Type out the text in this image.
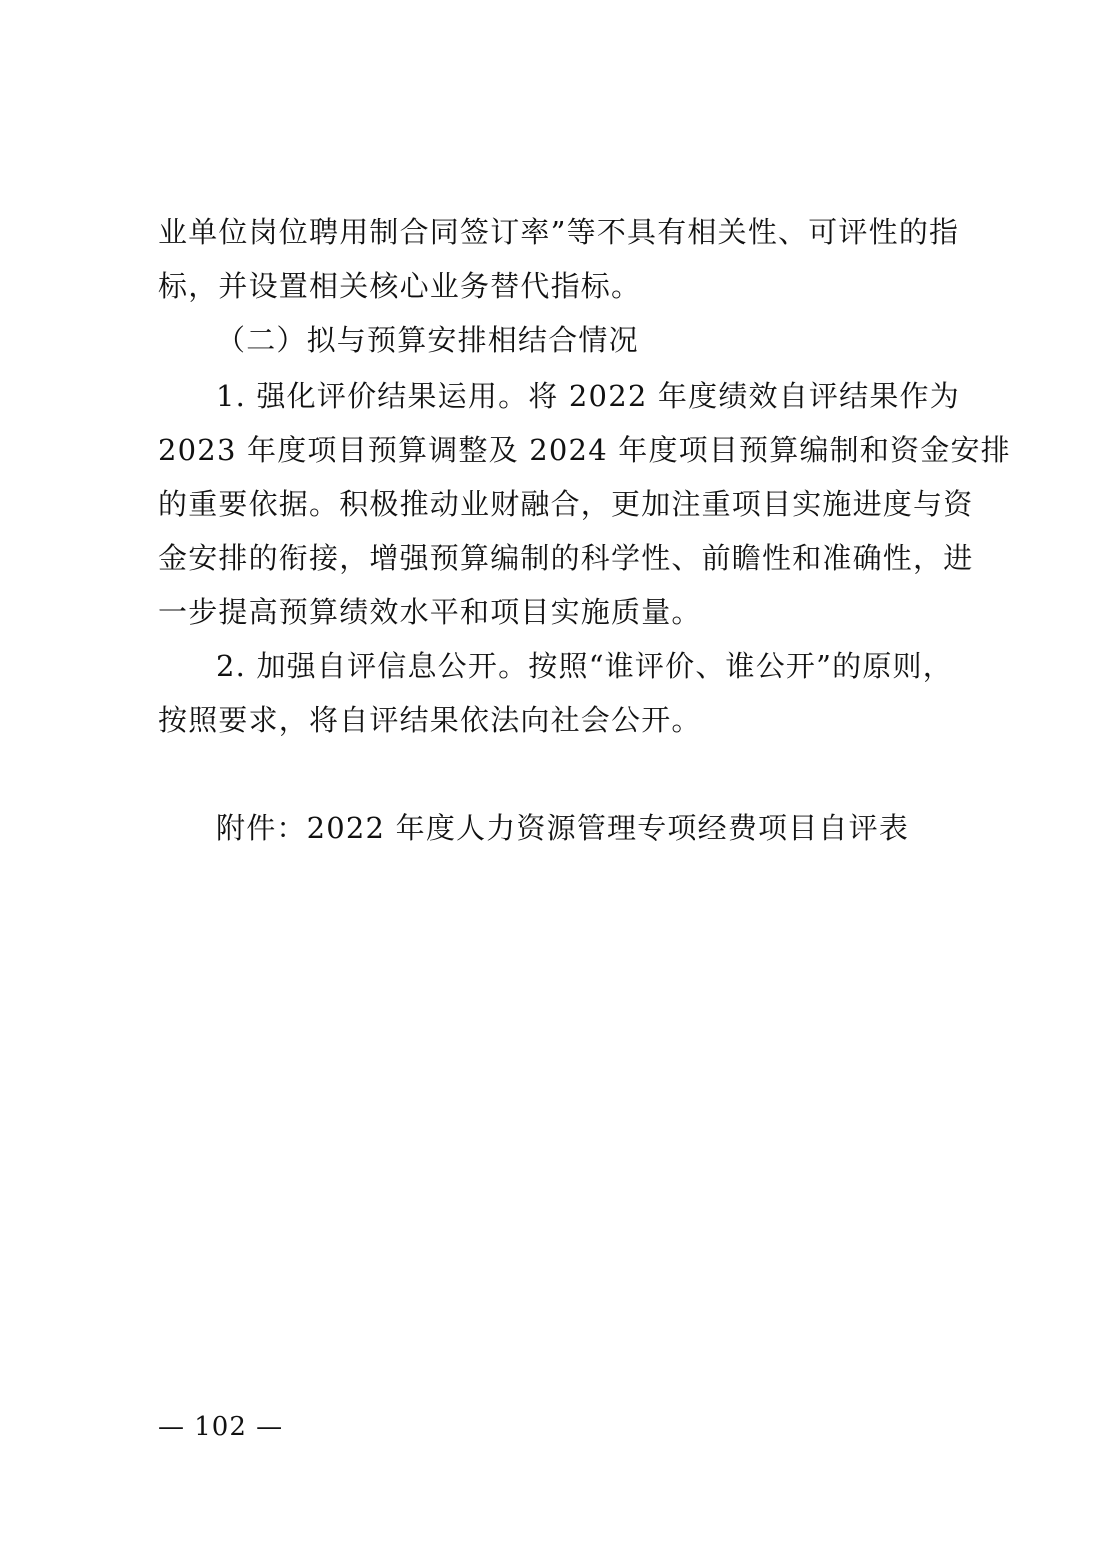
业单位岗位聘用制合同签订率”等不具有相关性、可评性的指
标，并设置相关核心业务替代指标。
（二）拟与预算安排相结合情况
1. 强化评价结果运用。将 2022 年度绩效自评结果作为
2023 年度项目预算调整及 2024 年度项目预算编制和资金安排
的重要依据。积极推动业财融合，更加注重项目实施进度与资
金安排的衔接，增强预算编制的科学性、前瞻性和准确性，进
一步提高预算绩效水平和项目实施质量。
2. 加强自评信息公开。按照“谁评价、谁公开”的原则，
按照要求，将自评结果依法向社会公开。
附件：2022 年度人力资源管理专项经费项目自评表
— 102 —
